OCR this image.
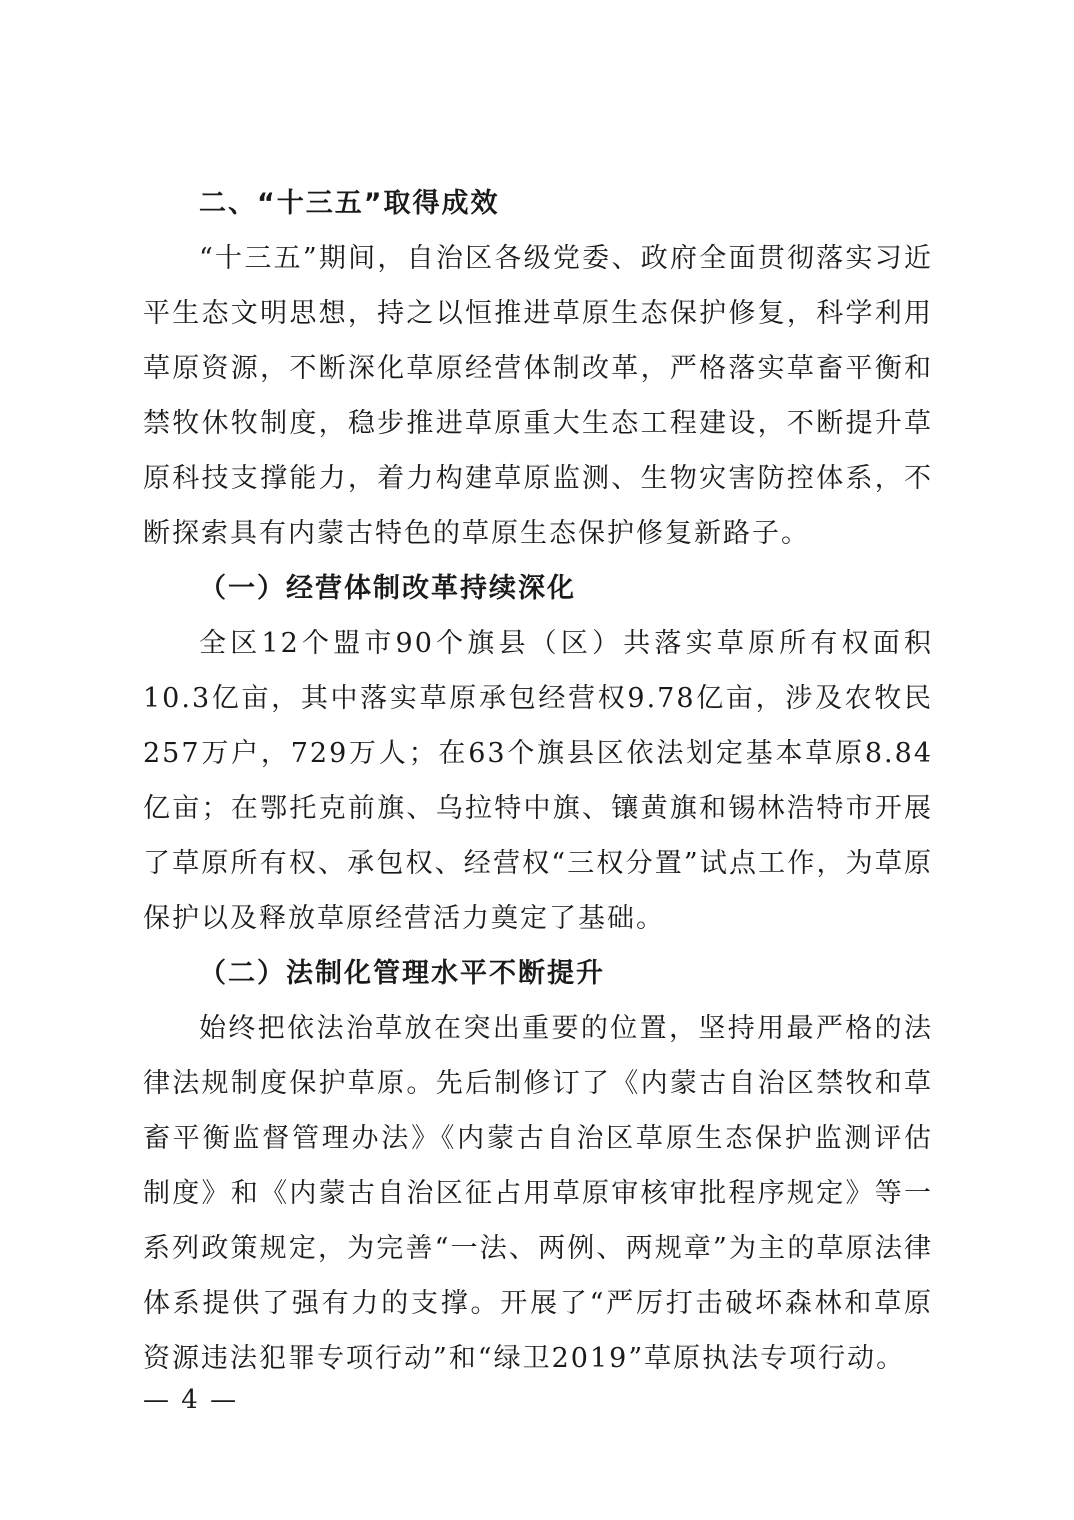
二、“十三五”取得成效

“十三五”期间，自治区各级党委、政府全面贯彻落实习近平生态文明思想，持之以恒推进草原生态保护修复，科学利用草原资源，不断深化草原经营体制改革，严格落实草畜平衡和禁牧休牧制度，稳步推进草原重大生态工程建设，不断提升草原科技支撑能力，着力构建草原监测、生物灾害防控体系，不断探索具有内蒙古特色的草原生态保护修复新路子。

（一）经营体制改革持续深化

全区12个盟市90个旗县（区）共落实草原所有权面积10.3亿亩，其中落实草原承包经营权9.78亿亩，涉及农牧民257万户，729万人；在63个旗县区依法划定基本草原8.84亿亩；在鄂托克前旗、乌拉特中旗、镶黄旗和锡林浩特市开展了草原所有权、承包权、经营权“三权分置”试点工作，为草原保护以及释放草原经营活力奠定了基础。

（二）法制化管理水平不断提升

始终把依法治草放在突出重要的位置，坚持用最严格的法律法规制度保护草原。先后制修订了《内蒙古自治区禁牧和草畜平衡监督管理办法》《内蒙古自治区草原生态保护监测评估制度》和《内蒙古自治区征占用草原审核审批程序规定》等一系列政策规定，为完善“一法、两例、两规章”为主的草原法律体系提供了强有力的支撑。开展了“严厉打击破坏森林和草原资源违法犯罪专项行动”和“绿卫2019”草原执法专项行动。

— 4 —
